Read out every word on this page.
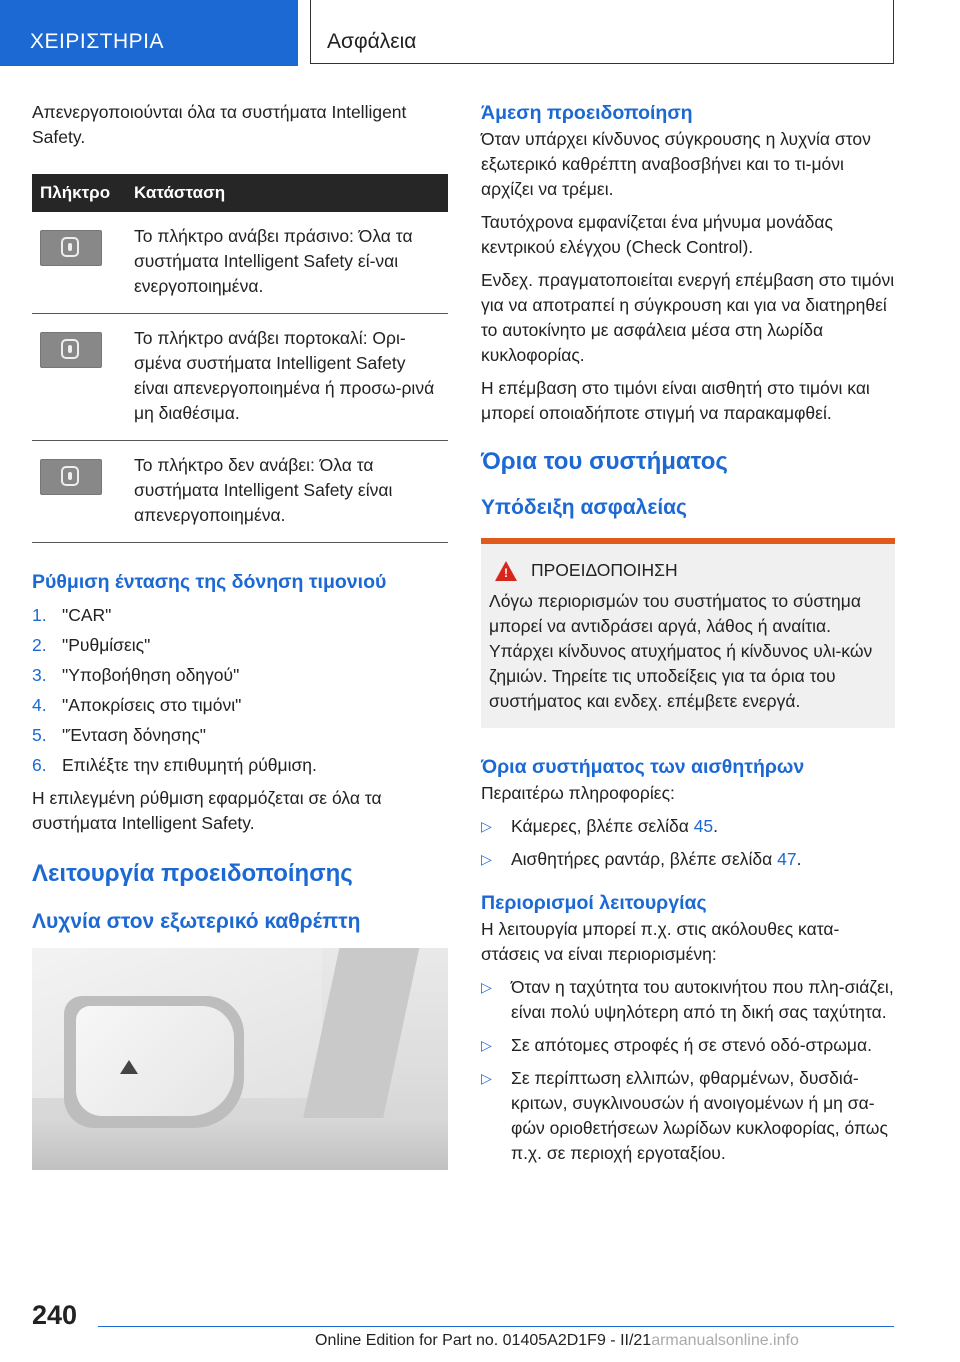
ΧΕΙΡΙΣΤΗΡΙΑ	Ασφάλεια

Απενεργοποιούνται όλα τα συστήματα Intelligent Safety.

Πλήκτρο	Κατάσταση

	Το πλήκτρο ανάβει πράσινο: Όλα τα συστήματα Intelligent Safety εί-ναι ενεργοποιημένα.

	Το πλήκτρο ανάβει πορτοκαλί: Ορι-σμένα συστήματα Intelligent Safety είναι απενεργοποιημένα ή προσω-ρινά μη διαθέσιμα.

	Το πλήκτρο δεν ανάβει: Όλα τα συστήματα Intelligent Safety είναι απενεργοποιημένα.
Ρύθμιση έντασης της δόνηση τιμονιού
1. "CAR"
2. "Ρυθμίσεις"
3. "Υποβοήθηση οδηγού"
4. "Αποκρίσεις στο τιμόνι"
5. "Ένταση δόνησης"
6. Επιλέξτε την επιθυμητή ρύθμιση.

Η επιλεγμένη ρύθμιση εφαρμόζεται σε όλα τα συστήματα Intelligent Safety.

Λειτουργία προειδοποίησης
Λυχνία στον εξωτερικό καθρέπτη
Άμεση προειδοποίηση

Όταν υπάρχει κίνδυνος σύγκρουσης η λυχνία στον εξωτερικό καθρέπτη αναβοσβήνει και το τι-μόνι αρχίζει να τρέμει.

Ταυτόχρονα εμφανίζεται ένα μήνυμα μονάδας κεντρικού ελέγχου (Check Control).

Ενδεχ. πραγματοποιείται ενεργή επέμβαση στο τιμόνι για να αποτραπεί η σύγκρουση και για να διατηρηθεί το αυτοκίνητο με ασφάλεια μέσα στη λωρίδα κυκλοφορίας.

Η επέμβαση στο τιμόνι είναι αισθητή στο τιμόνι και μπορεί οποιαδήποτε στιγμή να παρακαμφθεί.

Όρια του συστήματος
Υπόδειξη ασφαλείας
! ΠΡΟΕΙΔΟΠΟΙΗΣΗ

Λόγω περιορισμών του συστήματος το σύστημα μπορεί να αντιδράσει αργά, λάθος ή αναίτια. Υπάρχει κίνδυνος ατυχήματος ή κίνδυνος υλι-κών ζημιών. Τηρείτε τις υποδείξεις για τα όρια του συστήματος και ενδεχ. επέμβετε ενεργά.

Όρια συστήματος των αισθητήρων

Περαιτέρω πληροφορίες:

▷ Κάμερες, βλέπε σελίδα 45.
▷ Αισθητήρες ραντάρ, βλέπε σελίδα 47.
Περιορισμοί λειτουργίας

Η λειτουργία μπορεί π.χ. στις ακόλουθες κατα-στάσεις να είναι περιορισμένη:

▷ Όταν η ταχύτητα του αυτοκινήτου που πλη-σιάζει, είναι πολύ υψηλότερη από τη δική σας ταχύτητα.
▷ Σε απότομες στροφές ή σε στενό οδό-στρωμα.
▷ Σε περίπτωση ελλιπών, φθαρμένων, δυσδιά-κριτων, συγκλινουσών ή ανοιγομένων ή μη σα-φών οριοθετήσεων λωρίδων κυκλοφορίας, όπως π.χ. σε περιοχή εργοταξίου.
240
Online Edition for Part no. 01405A2D1F9 - II/21armanualsonline.info
